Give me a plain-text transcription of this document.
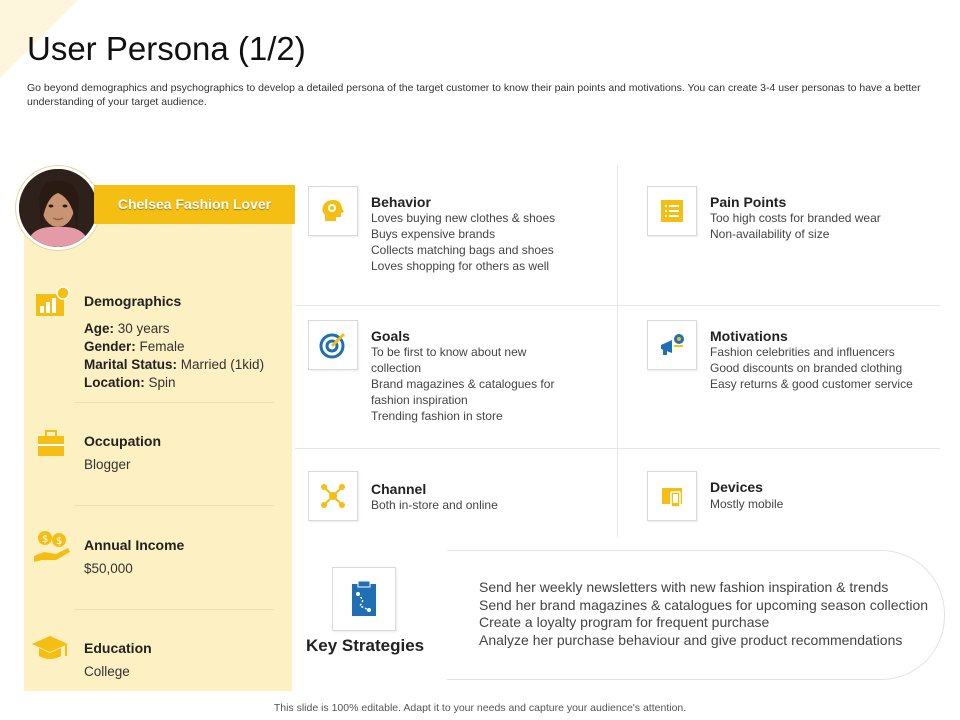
User Persona (1/2)
Go beyond demographics and psychographics to develop a detailed persona of the target customer to know their pain points and motivations. You can create 3-4 user personas to have a better understanding of your target audience.
Chelsea Fashion Lover
Demographics
Age: 30 years
Gender: Female
Marital Status: Married (1kid)
Location: Spin
Occupation
Blogger
$ $ Annual Income
$50,000
Education
College
Behavior
Loves buying new clothes & shoes
Buys expensive brands
Collects matching bags and shoes
Loves shopping for others as well
Pain Points
Too high costs for branded wear
Non-availability of size
Goals
To be first to know about new
collection
Brand magazines & catalogues for
fashion inspiration
Trending fashion in store
Motivations
Fashion celebrities and influencers
Good discounts on branded clothing
Easy returns & good customer service
Channel
Both in-store and online
Devices
Mostly mobile
Key Strategies
Send her weekly newsletters with new fashion inspiration & trends
Send her brand magazines & catalogues for upcoming season collection
Create a loyalty program for frequent purchase
Analyze her purchase behaviour and give product recommendations
This slide is 100% editable. Adapt it to your needs and capture your audience's attention.
